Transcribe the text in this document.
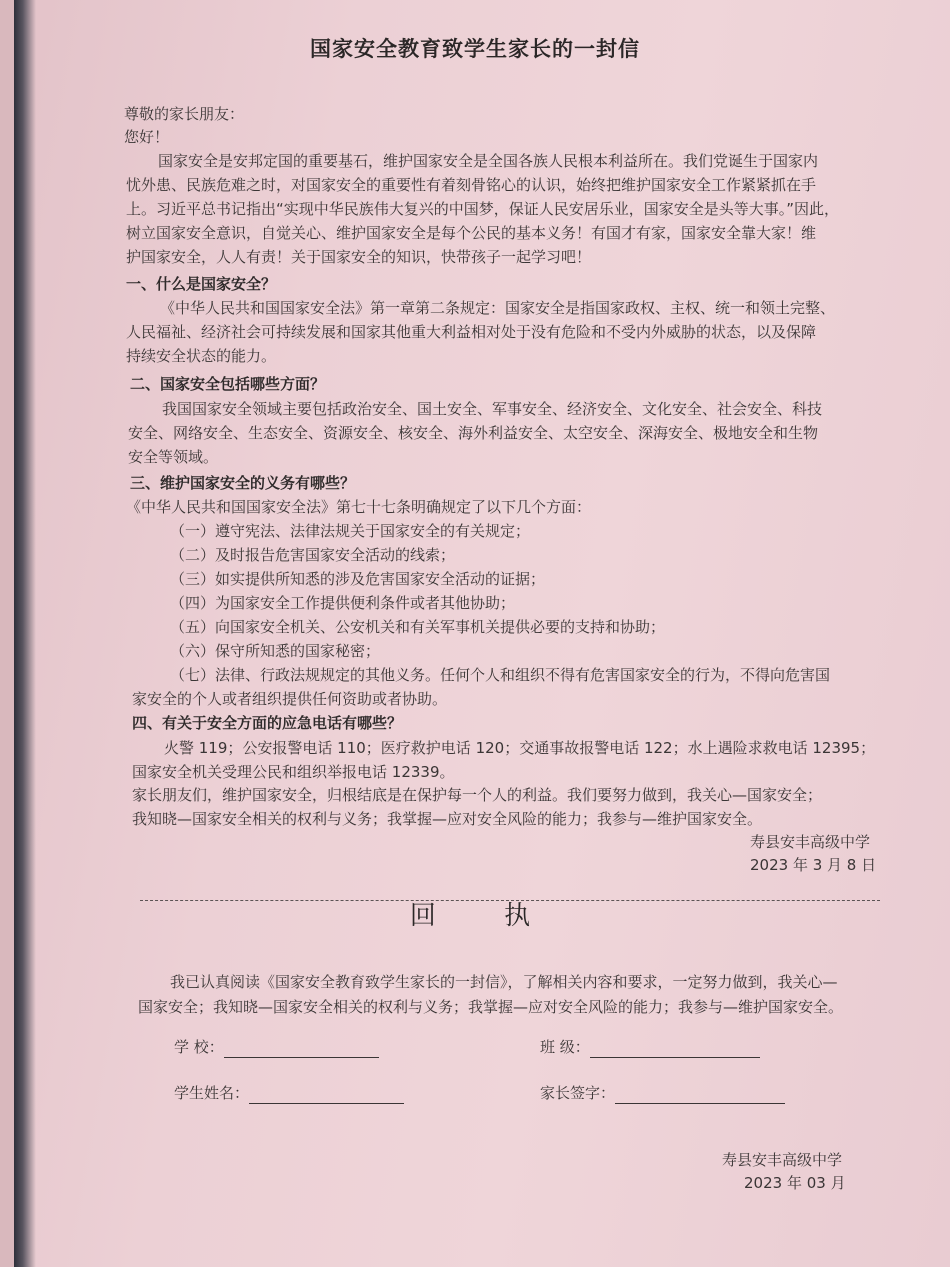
国家安全教育致学生家长的一封信
尊敬的家长朋友：
您好！
国家安全是安邦定国的重要基石，维护国家安全是全国各族人民根本利益所在。我们党诞生于国家内
忧外患、民族危难之时，对国家安全的重要性有着刻骨铭心的认识，始终把维护国家安全工作紧紧抓在手
上。习近平总书记指出“实现中华民族伟大复兴的中国梦，保证人民安居乐业，国家安全是头等大事。”因此，
树立国家安全意识，自觉关心、维护国家安全是每个公民的基本义务！有国才有家，国家安全靠大家！维
护国家安全，人人有责！关于国家安全的知识，快带孩子一起学习吧！
一、什么是国家安全？
《中华人民共和国国家安全法》第一章第二条规定：国家安全是指国家政权、主权、统一和领土完整、
人民福祉、经济社会可持续发展和国家其他重大利益相对处于没有危险和不受内外威胁的状态，以及保障
持续安全状态的能力。
二、国家安全包括哪些方面？
我国国家安全领域主要包括政治安全、国土安全、军事安全、经济安全、文化安全、社会安全、科技
安全、网络安全、生态安全、资源安全、核安全、海外利益安全、太空安全、深海安全、极地安全和生物
安全等领域。
三、维护国家安全的义务有哪些？
《中华人民共和国国家安全法》第七十七条明确规定了以下几个方面：
（一）遵守宪法、法律法规关于国家安全的有关规定；
（二）及时报告危害国家安全活动的线索；
（三）如实提供所知悉的涉及危害国家安全活动的证据；
（四）为国家安全工作提供便利条件或者其他协助；
（五）向国家安全机关、公安机关和有关军事机关提供必要的支持和协助；
（六）保守所知悉的国家秘密；
（七）法律、行政法规规定的其他义务。任何个人和组织不得有危害国家安全的行为，不得向危害国
家安全的个人或者组织提供任何资助或者协助。
四、有关于安全方面的应急电话有哪些？
火警 119；公安报警电话 110；医疗救护电话 120；交通事故报警电话 122；水上遇险求救电话 12395；
国家安全机关受理公民和组织举报电话 12339。
家长朋友们，维护国家安全，归根结底是在保护每一个人的利益。我们要努力做到，我关心—国家安全；
我知晓—国家安全相关的权利与义务；我掌握—应对安全风险的能力；我参与—维护国家安全。
寿县安丰高级中学
2023 年 3 月 8 日
回 执
我已认真阅读《国家安全教育致学生家长的一封信》，了解相关内容和要求，一定努力做到，我关心—
国家安全；我知晓—国家安全相关的权利与义务；我掌握—应对安全风险的能力；我参与—维护国家安全。
学 校：	班 级：
学生姓名：	家长签字：
寿县安丰高级中学
2023 年 03 月
